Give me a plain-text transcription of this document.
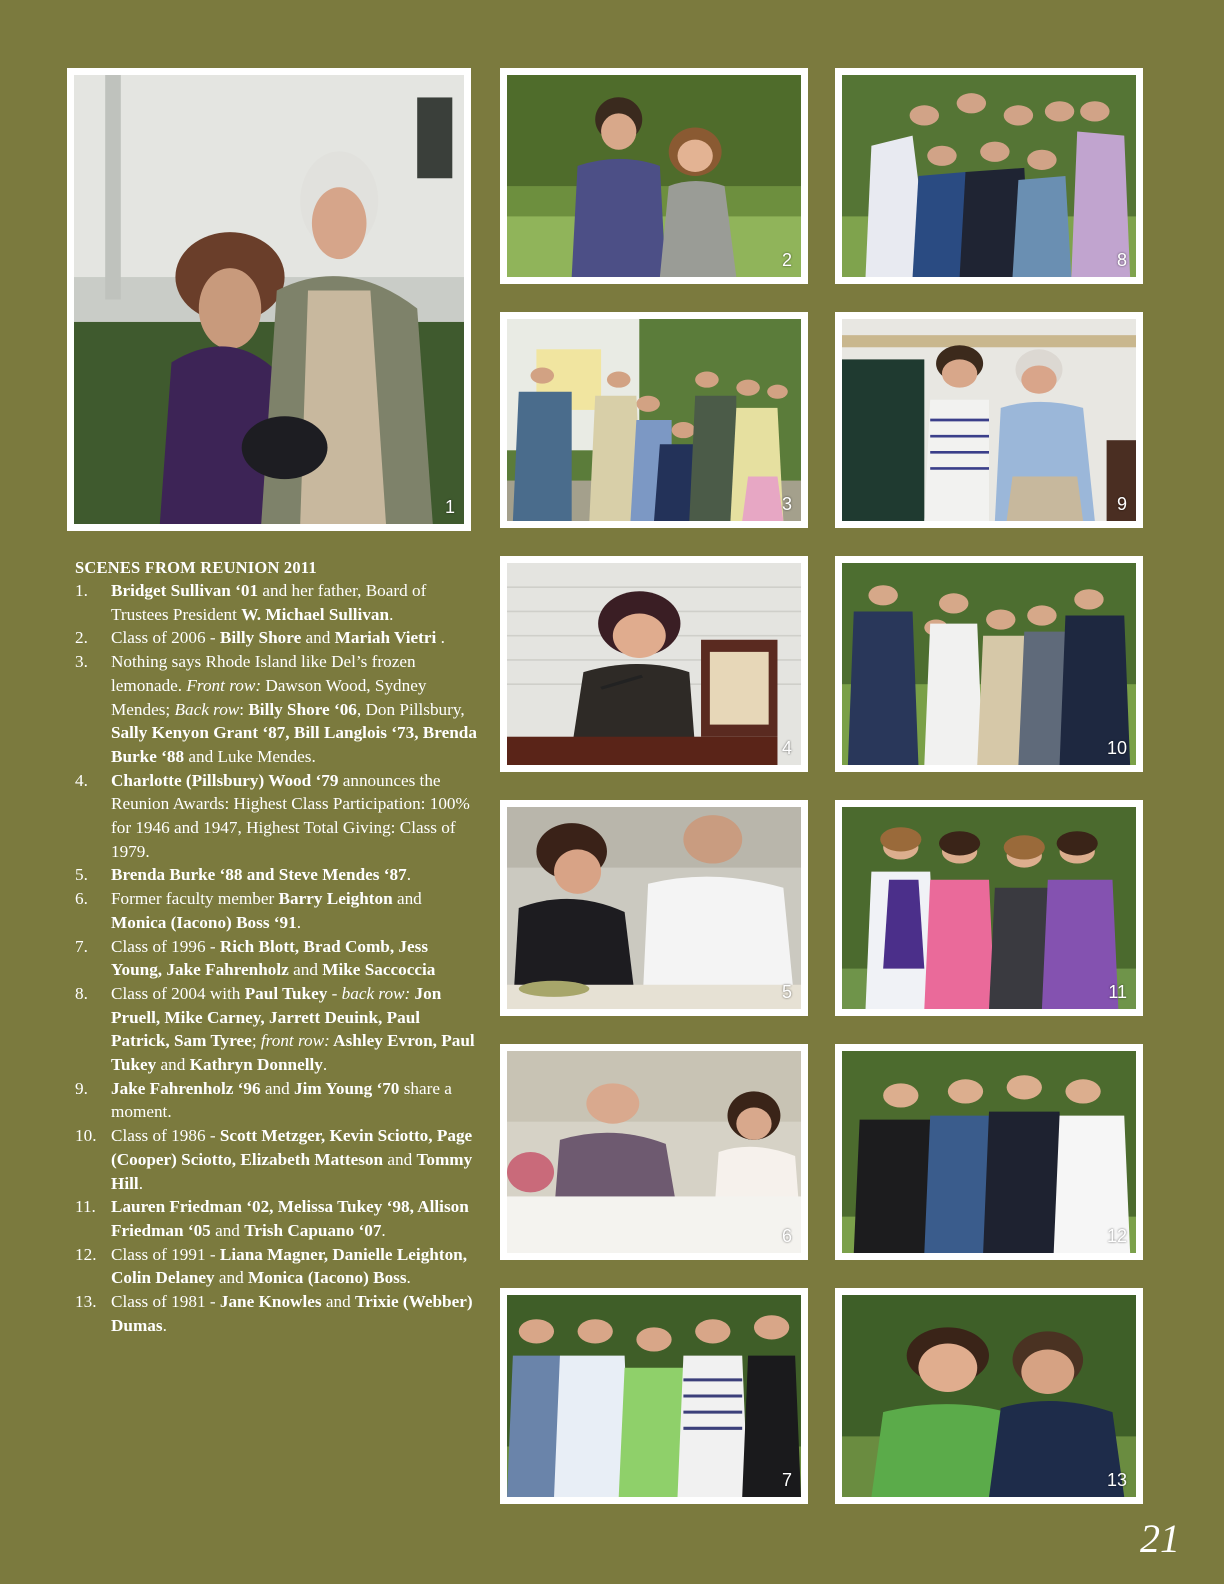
1
2	8
3	9
4	10
5	11
6	12
7	13
SCENES FROM REUNION 2011
1. Bridget Sullivan ‘01 and her father, Board of Trustees President W. Michael Sullivan.
2. Class of 2006 - Billy Shore and Mariah Vietri .
3. Nothing says Rhode Island like Del’s frozen lemonade. Front row: Dawson Wood, Sydney Mendes; Back row: Billy Shore ‘06, Don Pillsbury, Sally Kenyon Grant ‘87, Bill Langlois ‘73, Brenda Burke ‘88 and Luke Mendes.
4. Charlotte (Pillsbury) Wood ‘79 announces the Reunion Awards: Highest Class Participation: 100% for 1946 and 1947, Highest Total Giving: Class of 1979.
5. Brenda Burke ‘88 and Steve Mendes ‘87.
6. Former faculty member Barry Leighton and Monica (Iacono) Boss ‘91.
7. Class of 1996 - Rich Blott, Brad Comb, Jess Young, Jake Fahrenholz and Mike Saccoccia
8. Class of 2004 with Paul Tukey - back row: Jon Pruell, Mike Carney, Jarrett Deuink, Paul Patrick, Sam Tyree; front row: Ashley Evron, Paul Tukey and Kathryn Donnelly.
9. Jake Fahrenholz ‘96 and Jim Young ‘70 share a moment.
10. Class of 1986 - Scott Metzger, Kevin Sciotto, Page (Cooper) Sciotto, Elizabeth Matteson and Tommy Hill.
11. Lauren Friedman ‘02, Melissa Tukey ‘98, Allison Friedman ‘05 and Trish Capuano ‘07.
12. Class of 1991 - Liana Magner, Danielle Leighton, Colin Delaney and Monica (Iacono) Boss.
13. Class of 1981 - Jane Knowles and Trixie (Webber) Dumas.
21
